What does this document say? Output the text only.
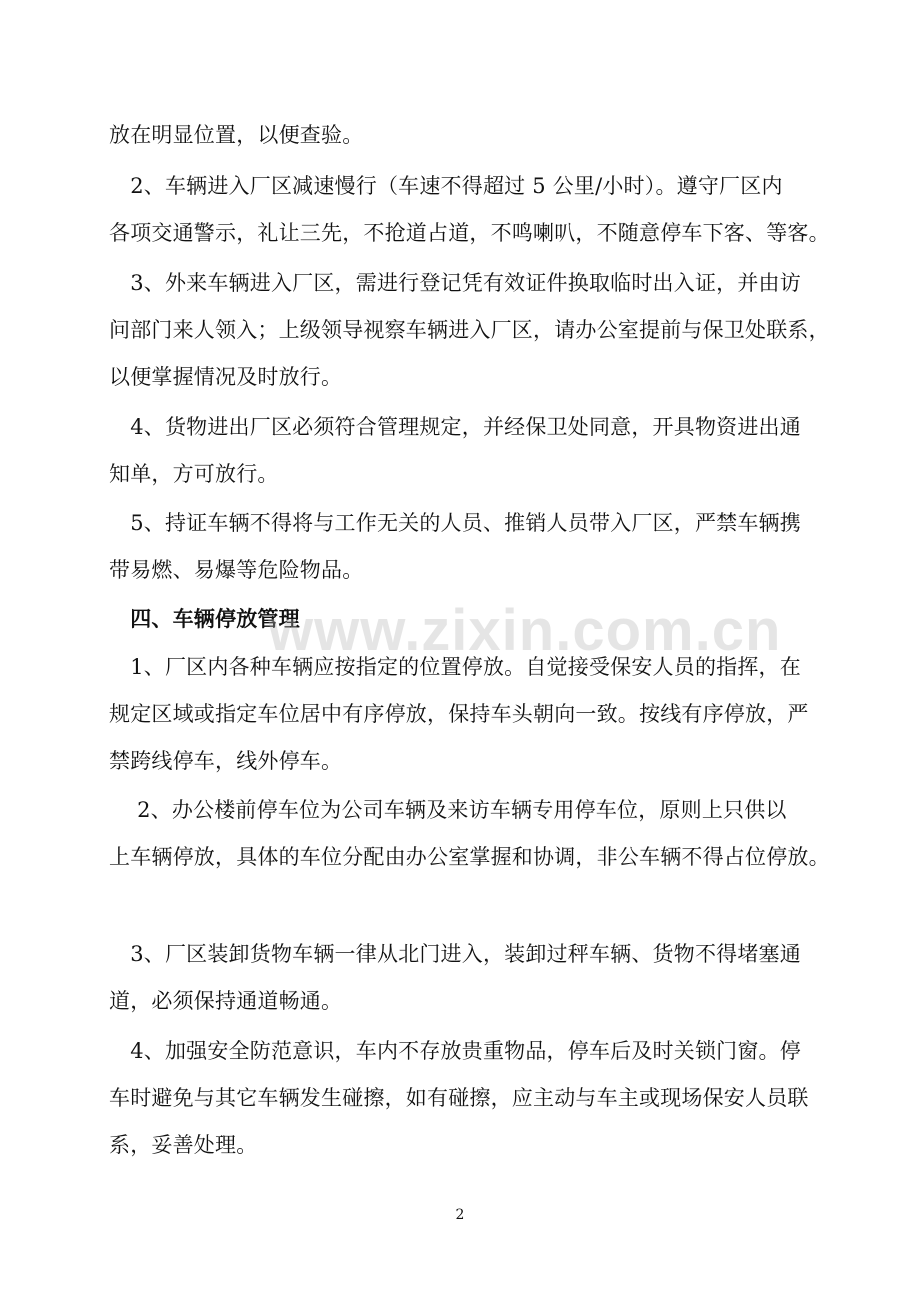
放在明显位置，以便查验。
　2、车辆进入厂区减速慢行（车速不得超过 5 公里/小时）。遵守厂区内
各项交通警示，礼让三先，不抢道占道，不鸣喇叭，不随意停车下客、等客。
　3、外来车辆进入厂区，需进行登记凭有效证件换取临时出入证，并由访
问部门来人领入；上级领导视察车辆进入厂区，请办公室提前与保卫处联系，
以便掌握情况及时放行。
　4、货物进出厂区必须符合管理规定，并经保卫处同意，开具物资进出通
知单，方可放行。
　5、持证车辆不得将与工作无关的人员、推销人员带入厂区，严禁车辆携
带易燃、易爆等危险物品。
　四、车辆停放管理
　1、厂区内各种车辆应按指定的位置停放。自觉接受保安人员的指挥，在
规定区域或指定车位居中有序停放，保持车头朝向一致。按线有序停放，严
禁跨线停车，线外停车。
　 2、办公楼前停车位为公司车辆及来访车辆专用停车位，原则上只供以
上车辆停放，具体的车位分配由办公室掌握和协调，非公车辆不得占位停放。
　3、厂区装卸货物车辆一律从北门进入，装卸过秤车辆、货物不得堵塞通
道，必须保持通道畅通。
　4、加强安全防范意识，车内不存放贵重物品，停车后及时关锁门窗。停
车时避免与其它车辆发生碰擦，如有碰擦，应主动与车主或现场保安人员联
系，妥善处理。
www.zixin.com.cn
2
